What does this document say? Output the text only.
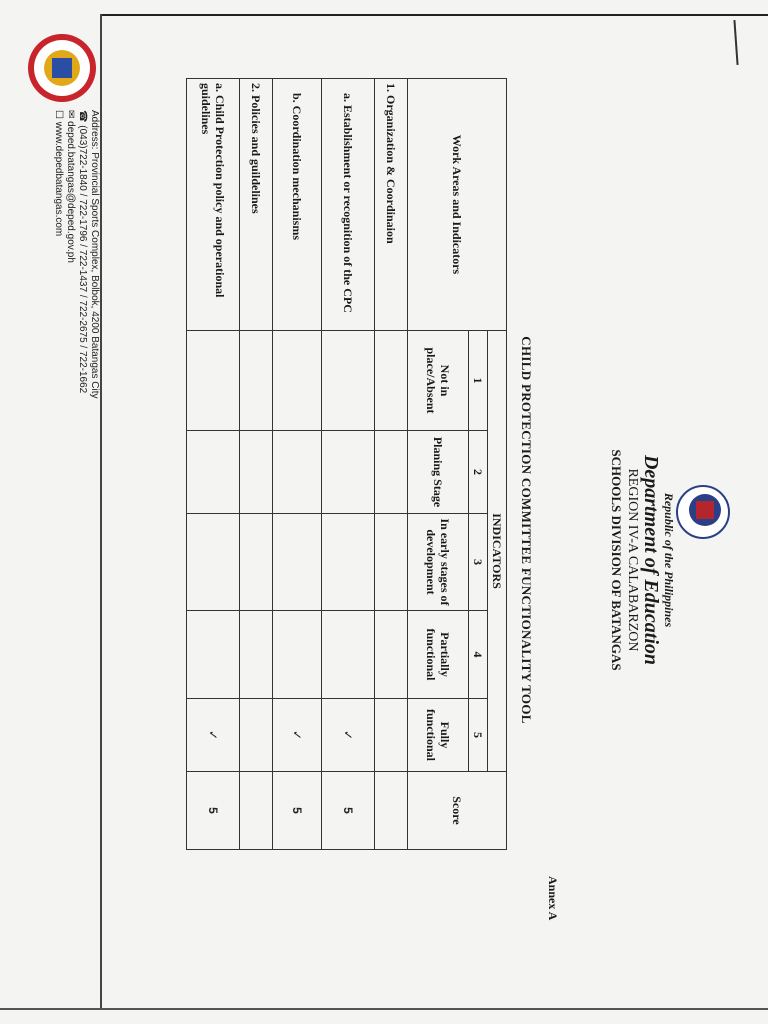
Annex A
Republic of the Philippines
Department of Education
REGION IV-A CALABARZON
SCHOOLS DIVISION OF BATANGAS
CHILD PROTECTION COMMITTEE FUNCTIONALITY TOOL
Work Areas and Indicators	INDICATORS					Score
	1	2	3	4	5	
	Not in place/Absent	Planing Stage	In early stages of development	Partially functional	Fully functional	
1. Organization & Coordinaion						
a. Establishment or recognition of the CPC					✓	5
b. Coordination mechanisms					✓	5
2. Policies and guildelines						
a. Child Protection policy and operational guidelines					✓	5
Address: Provincial Sports Complex, Bolbok, 4200 Batangas City
☎ (043)722-1840 / 722-1796 / 722-1437 / 722-2675 / 722-1662
✉ deped.batangas@deped.gov.ph
☐ www.depedbatangas.com
